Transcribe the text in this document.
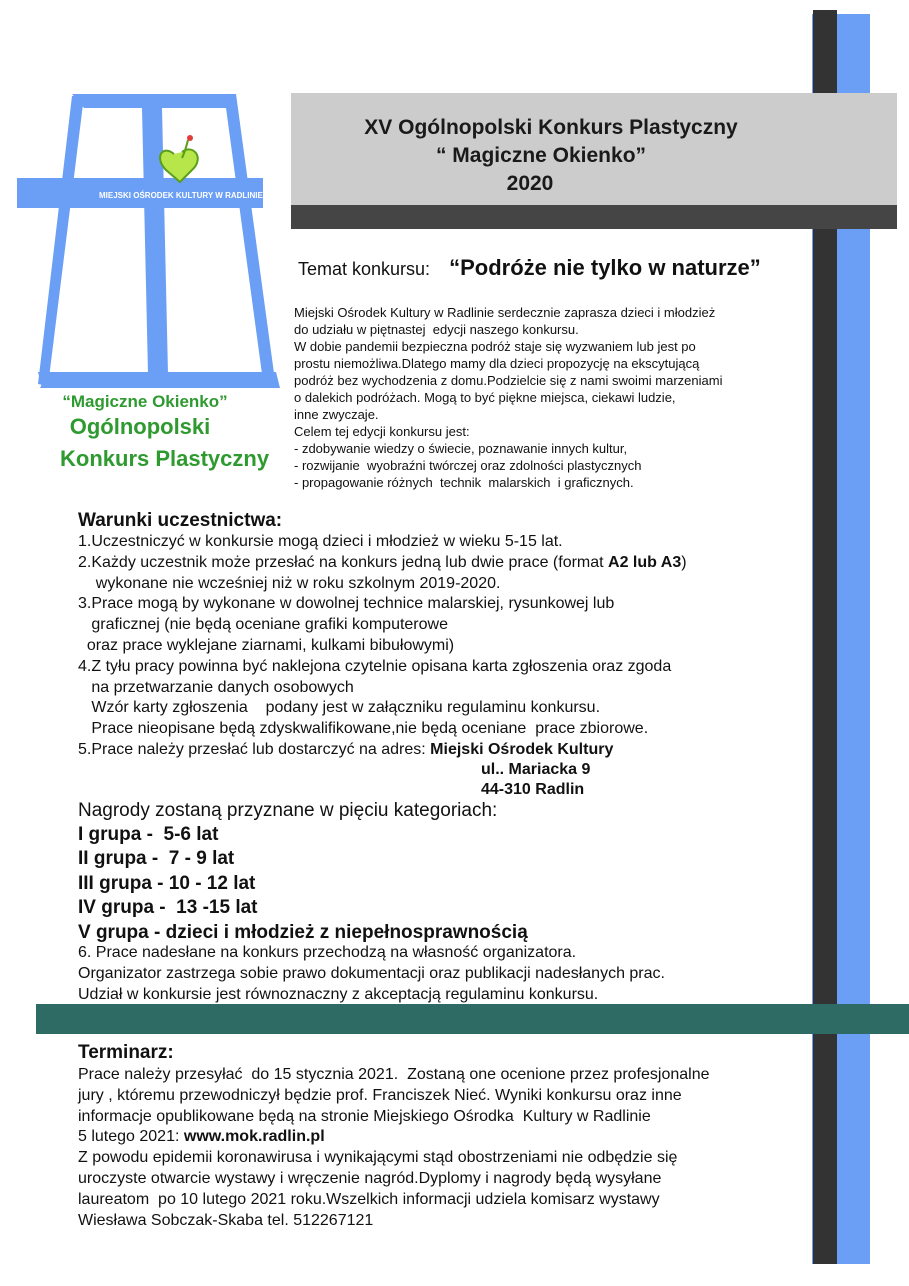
XV Ogólnopolski Konkurs Plastyczny
“ Magiczne Okienko”
2020
MIEJSKI OŚRODEK KULTURY W RADLINIE
“Magiczne Okienko”
Ogólnopolski
Konkurs Plastyczny
Temat konkursu: “Podróże nie tylko w naturze”
Miejski Ośrodek Kultury w Radlinie serdecznie zaprasza dzieci i młodzież
do udziału w piętnastej  edycji naszego konkursu.
W dobie pandemii bezpieczna podróż staje się wyzwaniem lub jest po
prostu niemożliwa.Dlatego mamy dla dzieci propozycję na ekscytującą
podróż bez wychodzenia z domu.Podzielcie się z nami swoimi marzeniami
o dalekich podróżach. Mogą to być piękne miejsca, ciekawi ludzie,
inne zwyczaje.
Celem tej edycji konkursu jest:
- zdobywanie wiedzy o świecie, poznawanie innych kultur,
- rozwijanie  wyobraźni twórczej oraz zdolności plastycznych
- propagowanie różnych  technik  malarskich  i graficznych.
Warunki uczestnictwa:
1.Uczestniczyć w konkursie mogą dzieci i młodzież w wieku 5-15 lat.
2.Każdy uczestnik może przesłać na konkurs jedną lub dwie prace (format A2 lub A3)
wykonane nie wcześniej niż w roku szkolnym 2019-2020.
3.Prace mogą by wykonane w dowolnej technice malarskiej, rysunkowej lub
graficznej (nie będą oceniane grafiki komputerowe
oraz prace wyklejane ziarnami, kulkami bibułowymi)
4.Z tyłu pracy powinna być naklejona czytelnie opisana karta zgłoszenia oraz zgoda
na przetwarzanie danych osobowych
Wzór karty zgłoszenia    podany jest w załączniku regulaminu konkursu.
Prace nieopisane będą zdyskwalifikowane,nie będą oceniane  prace zbiorowe.
5.Prace należy przesłać lub dostarczyć na adres: Miejski Ośrodek Kultury
ul.. Mariacka 9
44-310 Radlin
Nagrody zostaną przyznane w pięciu kategoriach:
I grupa -  5-6 lat
II grupa -  7 - 9 lat
III grupa - 10 - 12 lat
IV grupa -  13 -15 lat
V grupa - dzieci i młodzież z niepełnosprawnością
6. Prace nadesłane na konkurs przechodzą na własność organizatora.
Organizator zastrzega sobie prawo dokumentacji oraz publikacji nadesłanych prac.
Udział w konkursie jest równoznaczny z akceptacją regulaminu konkursu.
Terminarz:
Prace należy przesyłać  do 15 stycznia 2021.  Zostaną one ocenione przez profesjonalne
jury , któremu przewodniczył będzie prof. Franciszek Nieć. Wyniki konkursu oraz inne
informacje opublikowane będą na stronie Miejskiego Ośrodka  Kultury w Radlinie
5 lutego 2021: www.mok.radlin.pl
Z powodu epidemii koronawirusa i wynikającymi stąd obostrzeniami nie odbędzie się
uroczyste otwarcie wystawy i wręczenie nagród.Dyplomy i nagrody będą wysyłane
laureatom  po 10 lutego 2021 roku.Wszelkich informacji udziela komisarz wystawy
Wiesława Sobczak-Skaba tel. 512267121
